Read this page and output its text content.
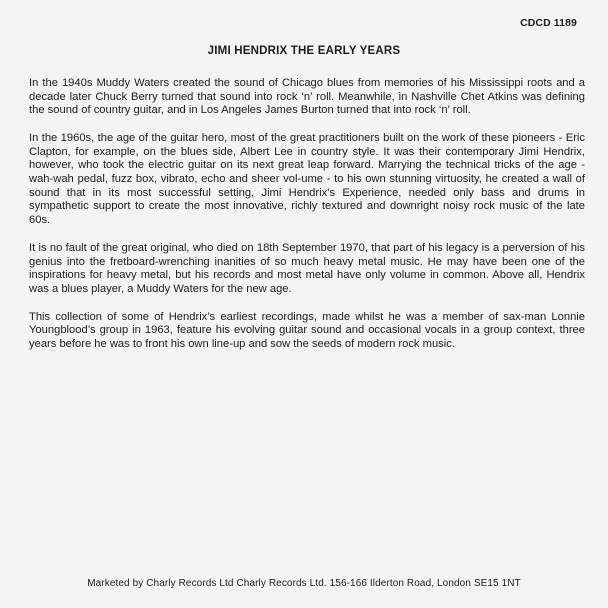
CDCD 1189
JIMI HENDRIX THE EARLY YEARS

In the 1940s Muddy Waters created the sound of Chicago blues from memories of his Mississippi roots and a decade later Chuck Berry turned that sound into rock ‘n’ roll. Meanwhile, in Nashville Chet Atkins was defining the sound of country guitar, and in Los Angeles James Burton turned that into rock ‘n’ roll.

In the 1960s, the age of the guitar hero, most of the great practitioners built on the work of these pioneers - Eric Clapton, for example, on the blues side, Albert Lee in country style. It was their contemporary Jimi Hendrix, however, who took the electric guitar on its next great leap forward. Marrying the technical tricks of the age - wah-wah pedal, fuzz box, vibrato, echo and sheer vol-ume - to his own stunning virtuosity, he created a wall of sound that in its most successful setting, Jimi Hendrix’s Experience, needed only bass and drums in sympathetic support to create the most innovative, richly textured and downright noisy rock music of the late 60s.

It is no fault of the great original, who died on 18th September 1970, that part of his legacy is a perversion of his genius into the fretboard-wrenching inanities of so much heavy metal music. He may have been one of the inspirations for heavy metal, but his records and most metal have only volume in common. Above all, Hendrix was a blues player, a Muddy Waters for the new age.

This collection of some of Hendrix’s earliest recordings, made whilst he was a member of sax-man Lonnie Youngblood’s group in 1963, feature his evolving guitar sound and occasional vocals in a group context, three years before he was to front his own line-up and sow the seeds of modern rock music.

Marketed by Charly Records Ltd Charly Records Ltd. 156-166 Ilderton Road, London SE15 1NT
